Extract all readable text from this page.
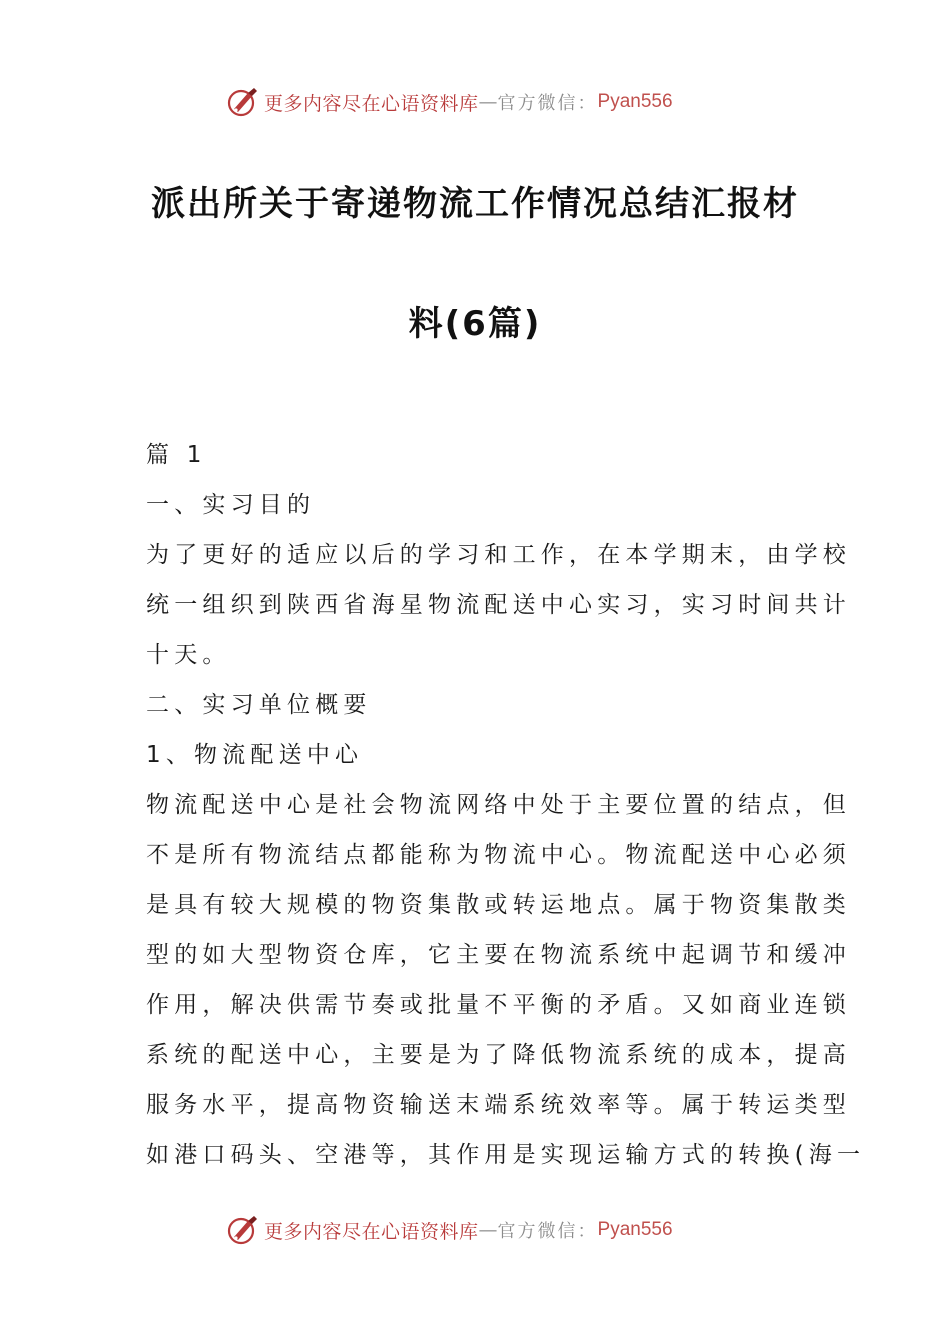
更多内容尽在心语资料库 — 官方微信： Pyan556
派出所关于寄递物流工作情况总结汇报材
料(6篇)
篇 1
一、实习目的
为了更好的适应以后的学习和工作，在本学期末，由学校
统一组织到陕西省海星物流配送中心实习，实习时间共计
十天。
二、实习单位概要
1、物流配送中心
物流配送中心是社会物流网络中处于主要位置的结点，但
不是所有物流结点都能称为物流中心。物流配送中心必须
是具有较大规模的物资集散或转运地点。属于物资集散类
型的如大型物资仓库，它主要在物流系统中起调节和缓冲
作用，解决供需节奏或批量不平衡的矛盾。又如商业连锁
系统的配送中心，主要是为了降低物流系统的成本，提高
服务水平，提高物资输送末端系统效率等。属于转运类型
如港口码头、空港等，其作用是实现运输方式的转换(海一
更多内容尽在心语资料库 — 官方微信： Pyan556
